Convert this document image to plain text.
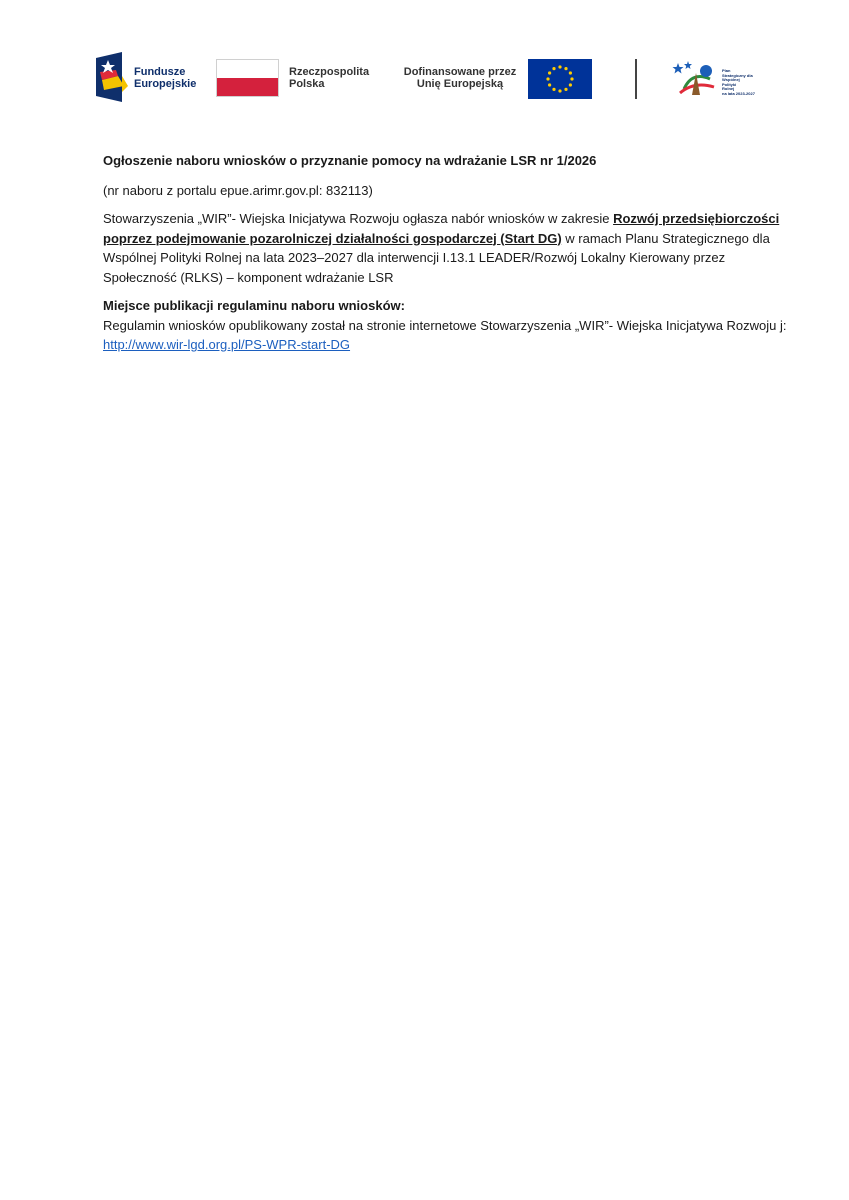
Fundusze
Europejskie
Rzeczpospolita
Polska
Dofinansowane przez
Unię Europejską
Plan
Strategiczny dla
Wspólnej
Polityki
Rolnej
na lata 2023-2027

Ogłoszenie naboru wniosków o przyznanie pomocy na wdrażanie LSR nr 1/2026

(nr naboru z portalu epue.arimr.gov.pl: 832113)

Stowarzyszenia „WIR”- Wiejska Inicjatywa Rozwoju ogłasza nabór wniosków w zakresie Rozwój przedsiębiorczości poprzez podejmowanie pozarolniczej działalności gospodarczej (Start DG) w ramach Planu Strategicznego dla Wspólnej Polityki Rolnej na lata 2023–2027 dla interwencji I.13.1 LEADER/Rozwój Lokalny Kierowany przez Społeczność (RLKS) – komponent wdrażanie LSR

Miejsce publikacji regulaminu naboru wniosków:

Regulamin wniosków opublikowany został na stronie internetowe Stowarzyszenia „WIR”- Wiejska Inicjatywa Rozwoju j: http://www.wir-lgd.org.pl/PS-WPR-start-DG
